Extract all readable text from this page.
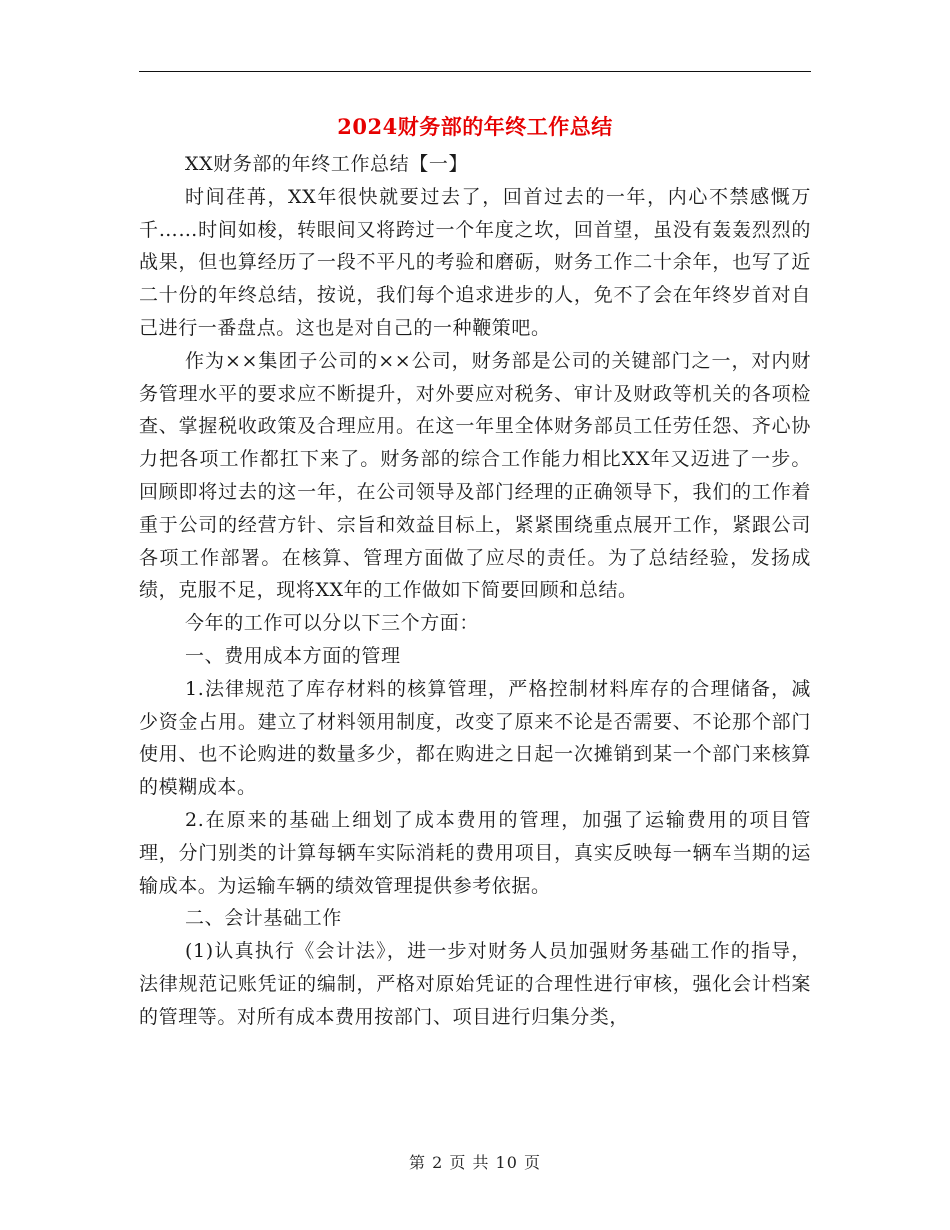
2024财务部的年终工作总结

XX财务部的年终工作总结【一】

时间荏苒，XX年很快就要过去了，回首过去的一年，内心不禁感慨万千……时间如梭，转眼间又将跨过一个年度之坎，回首望，虽没有轰轰烈烈的战果，但也算经历了一段不平凡的考验和磨砺，财务工作二十余年，也写了近二十份的年终总结，按说，我们每个追求进步的人，免不了会在年终岁首对自己进行一番盘点。这也是对自己的一种鞭策吧。

作为××集团子公司的××公司，财务部是公司的关键部门之一，对内财务管理水平的要求应不断提升，对外要应对税务、审计及财政等机关的各项检查、掌握税收政策及合理应用。在这一年里全体财务部员工任劳任怨、齐心协力把各项工作都扛下来了。财务部的综合工作能力相比XX年又迈进了一步。回顾即将过去的这一年，在公司领导及部门经理的正确领导下，我们的工作着重于公司的经营方针、宗旨和效益目标上，紧紧围绕重点展开工作，紧跟公司各项工作部署。在核算、管理方面做了应尽的责任。为了总结经验，发扬成绩，克服不足，现将XX年的工作做如下简要回顾和总结。

今年的工作可以分以下三个方面：

一、费用成本方面的管理

1.法律规范了库存材料的核算管理，严格控制材料库存的合理储备，减少资金占用。建立了材料领用制度，改变了原来不论是否需要、不论那个部门使用、也不论购进的数量多少，都在购进之日起一次摊销到某一个部门来核算的模糊成本。

2.在原来的基础上细划了成本费用的管理，加强了运输费用的项目管理，分门别类的计算每辆车实际消耗的费用项目，真实反映每一辆车当期的运输成本。为运输车辆的绩效管理提供参考依据。

二、会计基础工作

(1)认真执行《会计法》，进一步对财务人员加强财务基础工作的指导，法律规范记账凭证的编制，严格对原始凭证的合理性进行审核，强化会计档案的管理等。对所有成本费用按部门、项目进行归集分类，

第 2 页 共 10 页
